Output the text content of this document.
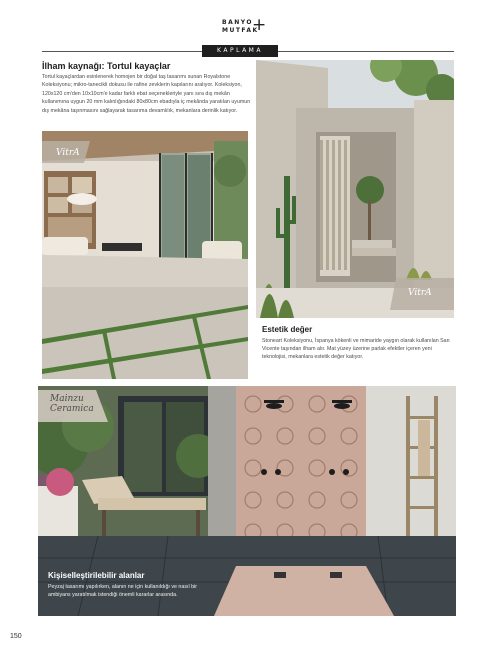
BANYO
MUTFAK
+
KAPLAMA
İlham kaynağı: Tortul kayaçlar
Tortul kayaçlardan esinlenerek homojen bir doğal taş tasarımı sunan Royalstone Koleksiyonu; mikro-tanecikli dokusu ile rafine zevklerin kapılarını aralıyor. Koleksiyon, 120x120 cm'den 10x10cm'e kadar farklı ebat seçenekleriyle yanı sıra dış mekân kullanımına uygun 20 mm kalınlığındaki 80x80cm ebadıyla iç mekânda yaratılan uyumun dış mekâna taşınmasını sağlayarak tasarıma devamlılık, mekanlara derinlik katıyor.
VitrA
VitrA
Estetik değer
Stoneart Koleksiyonu, İspanya kökenli ve mimaride yaygın olarak kullanılan San Vicente taşından ilham alır. Mat yüzey üzerine parlak efektler içeren yeni teknolojisi, mekanlara estetik değer katıyor.
Mainzu
Ceramica
Kişiselleştirilebilir alanlar
Peyzaj tasarımı yapılırken, alanın ne için kullanıldığı ve nasıl bir ambiyans yaratılmak istendiği önemli kararlar arasında.
150
